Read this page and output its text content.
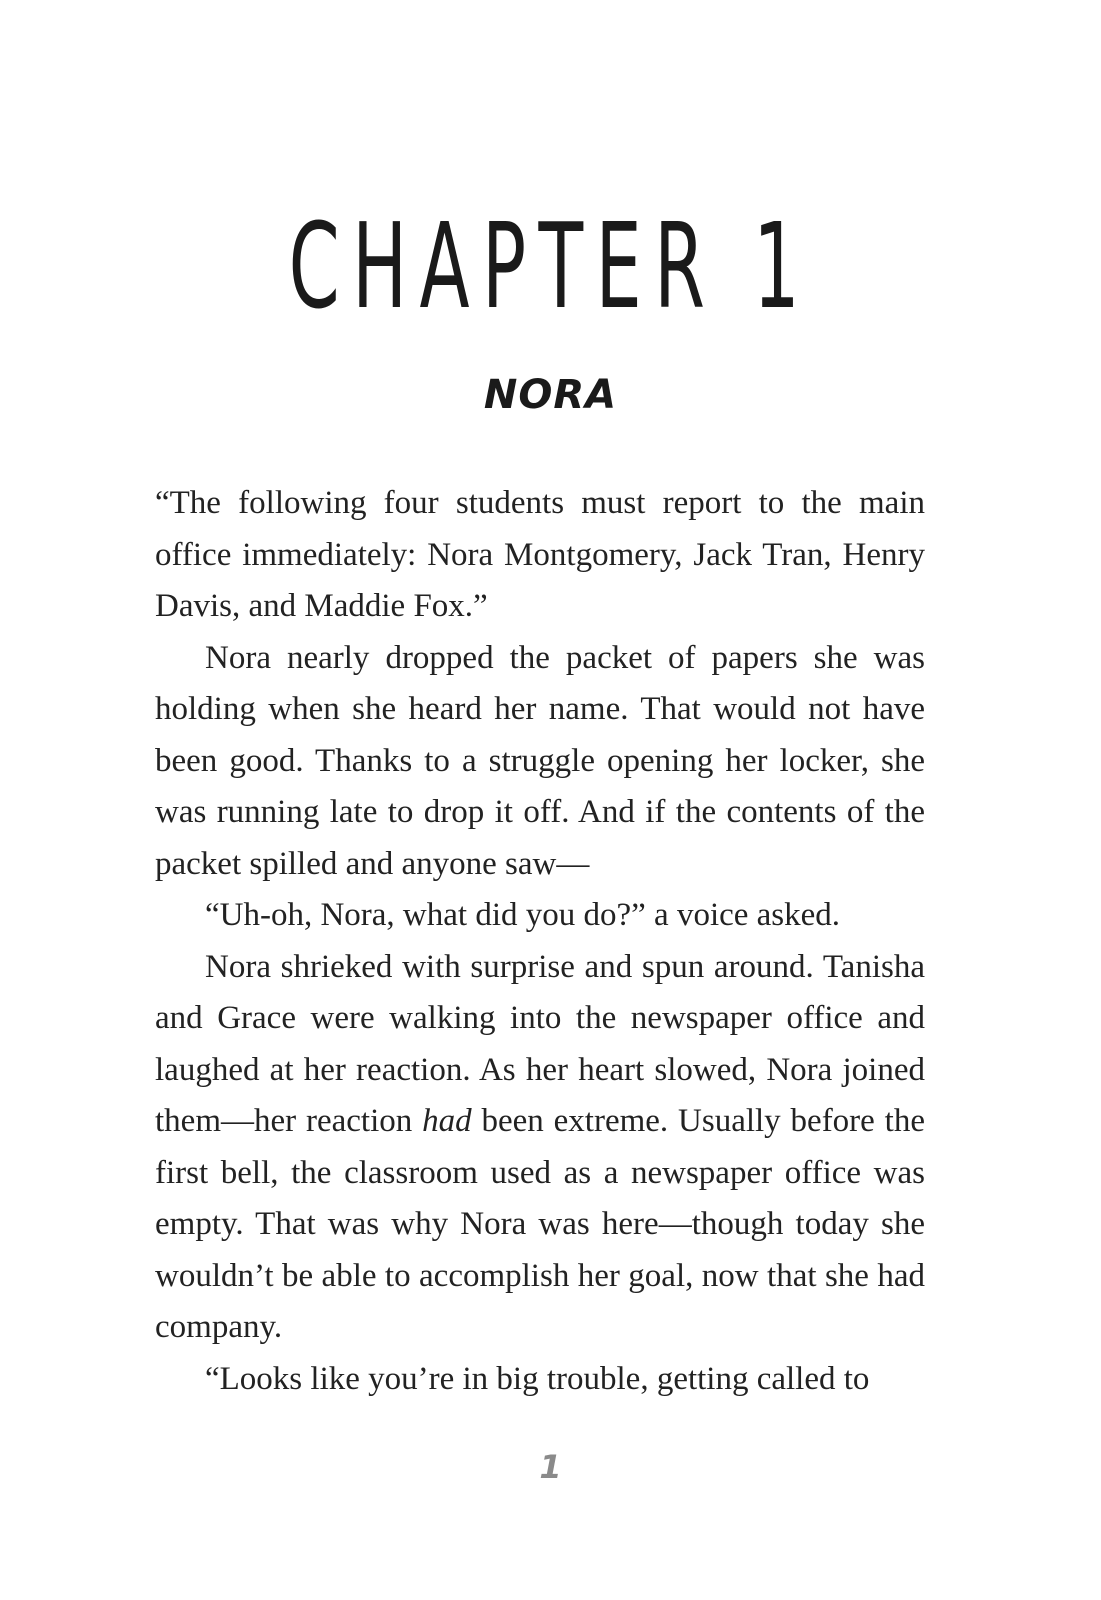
CHAPTER 1
NORA

“The following four students must report to the main office immediately: Nora Montgomery, Jack Tran, Henry Davis, and Maddie Fox.”

Nora nearly dropped the packet of papers she was holding when she heard her name. That would not have been good. Thanks to a struggle opening her locker, she was running late to drop it off. And if the contents of the packet spilled and anyone saw—

“Uh-oh, Nora, what did you do?” a voice asked.

Nora shrieked with surprise and spun around. Tanisha and Grace were walking into the newspaper office and laughed at her reaction. As her heart slowed, Nora joined them—her reaction had been extreme. Usually before the first bell, the classroom used as a newspaper office was empty. That was why Nora was here—though today she wouldn’t be able to accomplish her goal, now that she had company.

“Looks like you’re in big trouble, getting called to

1
